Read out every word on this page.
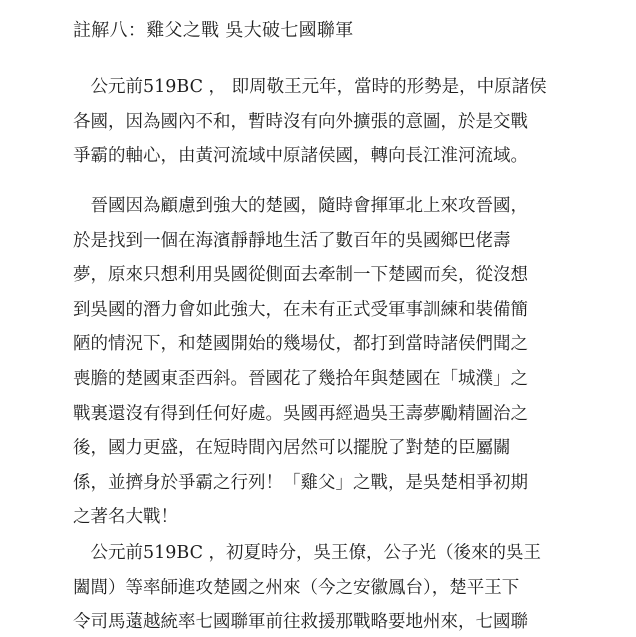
註解八：雞父之戰 吳大破七國聯軍
　公元前519BC ， 即周敬王元年，當時的形勢是，中原諸侯
各國，因為國內不和，暫時沒有向外擴張的意圖，於是交戰
爭霸的軸心，由黃河流域中原諸侯國，轉向長江淮河流域。
　晉國因為顧慮到強大的楚國，隨時會揮軍北上來攻晉國，
於是找到一個在海濱靜靜地生活了數百年的吳國鄉巴佬壽
夢，原來只想利用吳國從側面去牽制一下楚國而矣，從沒想
到吳國的潛力會如此強大，在未有正式受軍事訓練和裝備簡
陋的情況下，和楚國開始的幾場仗，都打到當時諸侯們聞之
喪膽的楚國東歪西斜。晉國花了幾拾年與楚國在「城濮」之
戰裏還沒有得到任何好處。吳國再經過吳王壽夢勵精圖治之
後，國力更盛，在短時間內居然可以擺脫了對楚的臣屬關
係，並擠身於爭霸之行列！「雞父」之戰，是吳楚相爭初期
之著名大戰！
　公元前519BC ，初夏時分，吳王僚，公子光（後來的吳王
闔閭）等率師進攻楚國之州來（今之安徽鳳台），楚平王下
令司馬薳越統率七國聯軍前往救援那戰略要地州來，七國聯
